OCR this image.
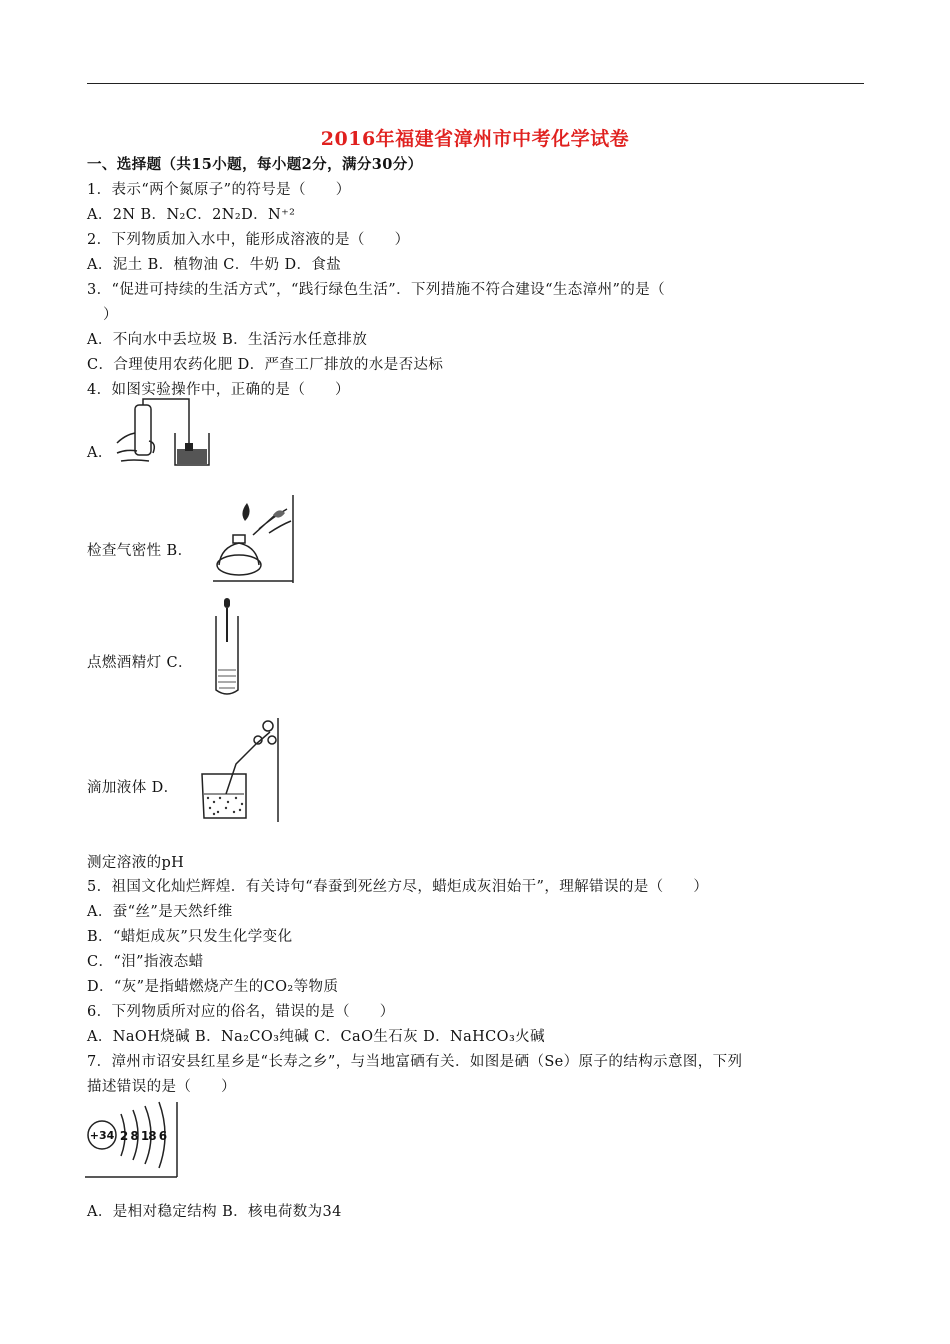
2016年福建省漳州市中考化学试卷
一、选择题（共15小题，每小题2分，满分30分）
1．表示“两个氮原子”的符号是（　　）
A．2N B．N₂C．2N₂D．N⁺²
2．下列物质加入水中，能形成溶液的是（　　）
A．泥土 B．植物油 C．牛奶 D．食盐
3．“促进可持续的生活方式”，“践行绿色生活”．下列措施不符合建设“生态漳州”的是（
）
A．不向水中丢垃圾 B．生活污水任意排放
C．合理使用农药化肥 D．严查工厂排放的水是否达标
4．如图实验操作中，正确的是（　　）
A．
检查气密性 B．
点燃酒精灯 C．
滴加液体 D．
测定溶液的pH
5．祖国文化灿烂辉煌．有关诗句“春蚕到死丝方尽，蜡炬成灰泪始干”，理解错误的是（　　）
A．蚕“丝”是天然纤维
B．“蜡炬成灰”只发生化学变化
C．“泪”指液态蜡
D．“灰”是指蜡燃烧产生的CO₂等物质
6．下列物质所对应的俗名，错误的是（　　）
A．NaOH烧碱 B．Na₂CO₃纯碱 C．CaO生石灰 D．NaHCO₃火碱
7．漳州市诏安县红星乡是“长寿之乡”，与当地富硒有关．如图是硒（Se）原子的结构示意图，下列
描述错误的是（　　）
+34 2 8 18 6
A．是相对稳定结构 B．核电荷数为34
